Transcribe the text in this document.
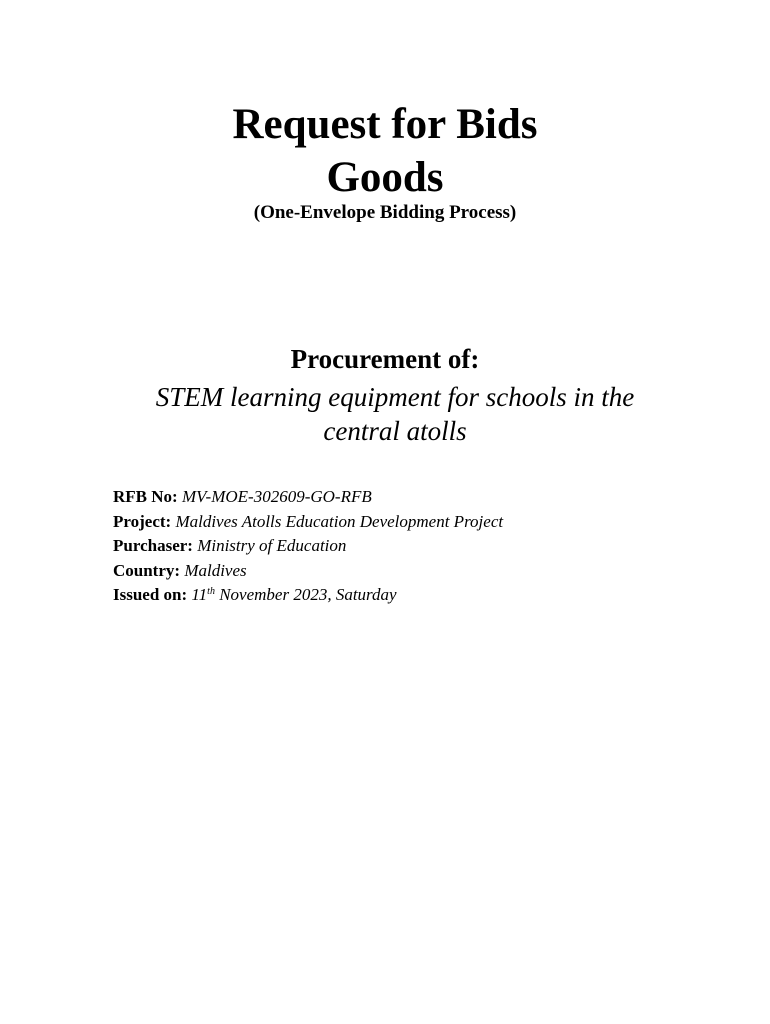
Request for Bids
Goods

(One-Envelope Bidding Process)

Procurement of:

STEM learning equipment for schools in the central atolls

RFB No: MV-MOE-302609-GO-RFB
Project: Maldives Atolls Education Development Project
Purchaser: Ministry of Education
Country: Maldives
Issued on: 11th November 2023, Saturday
